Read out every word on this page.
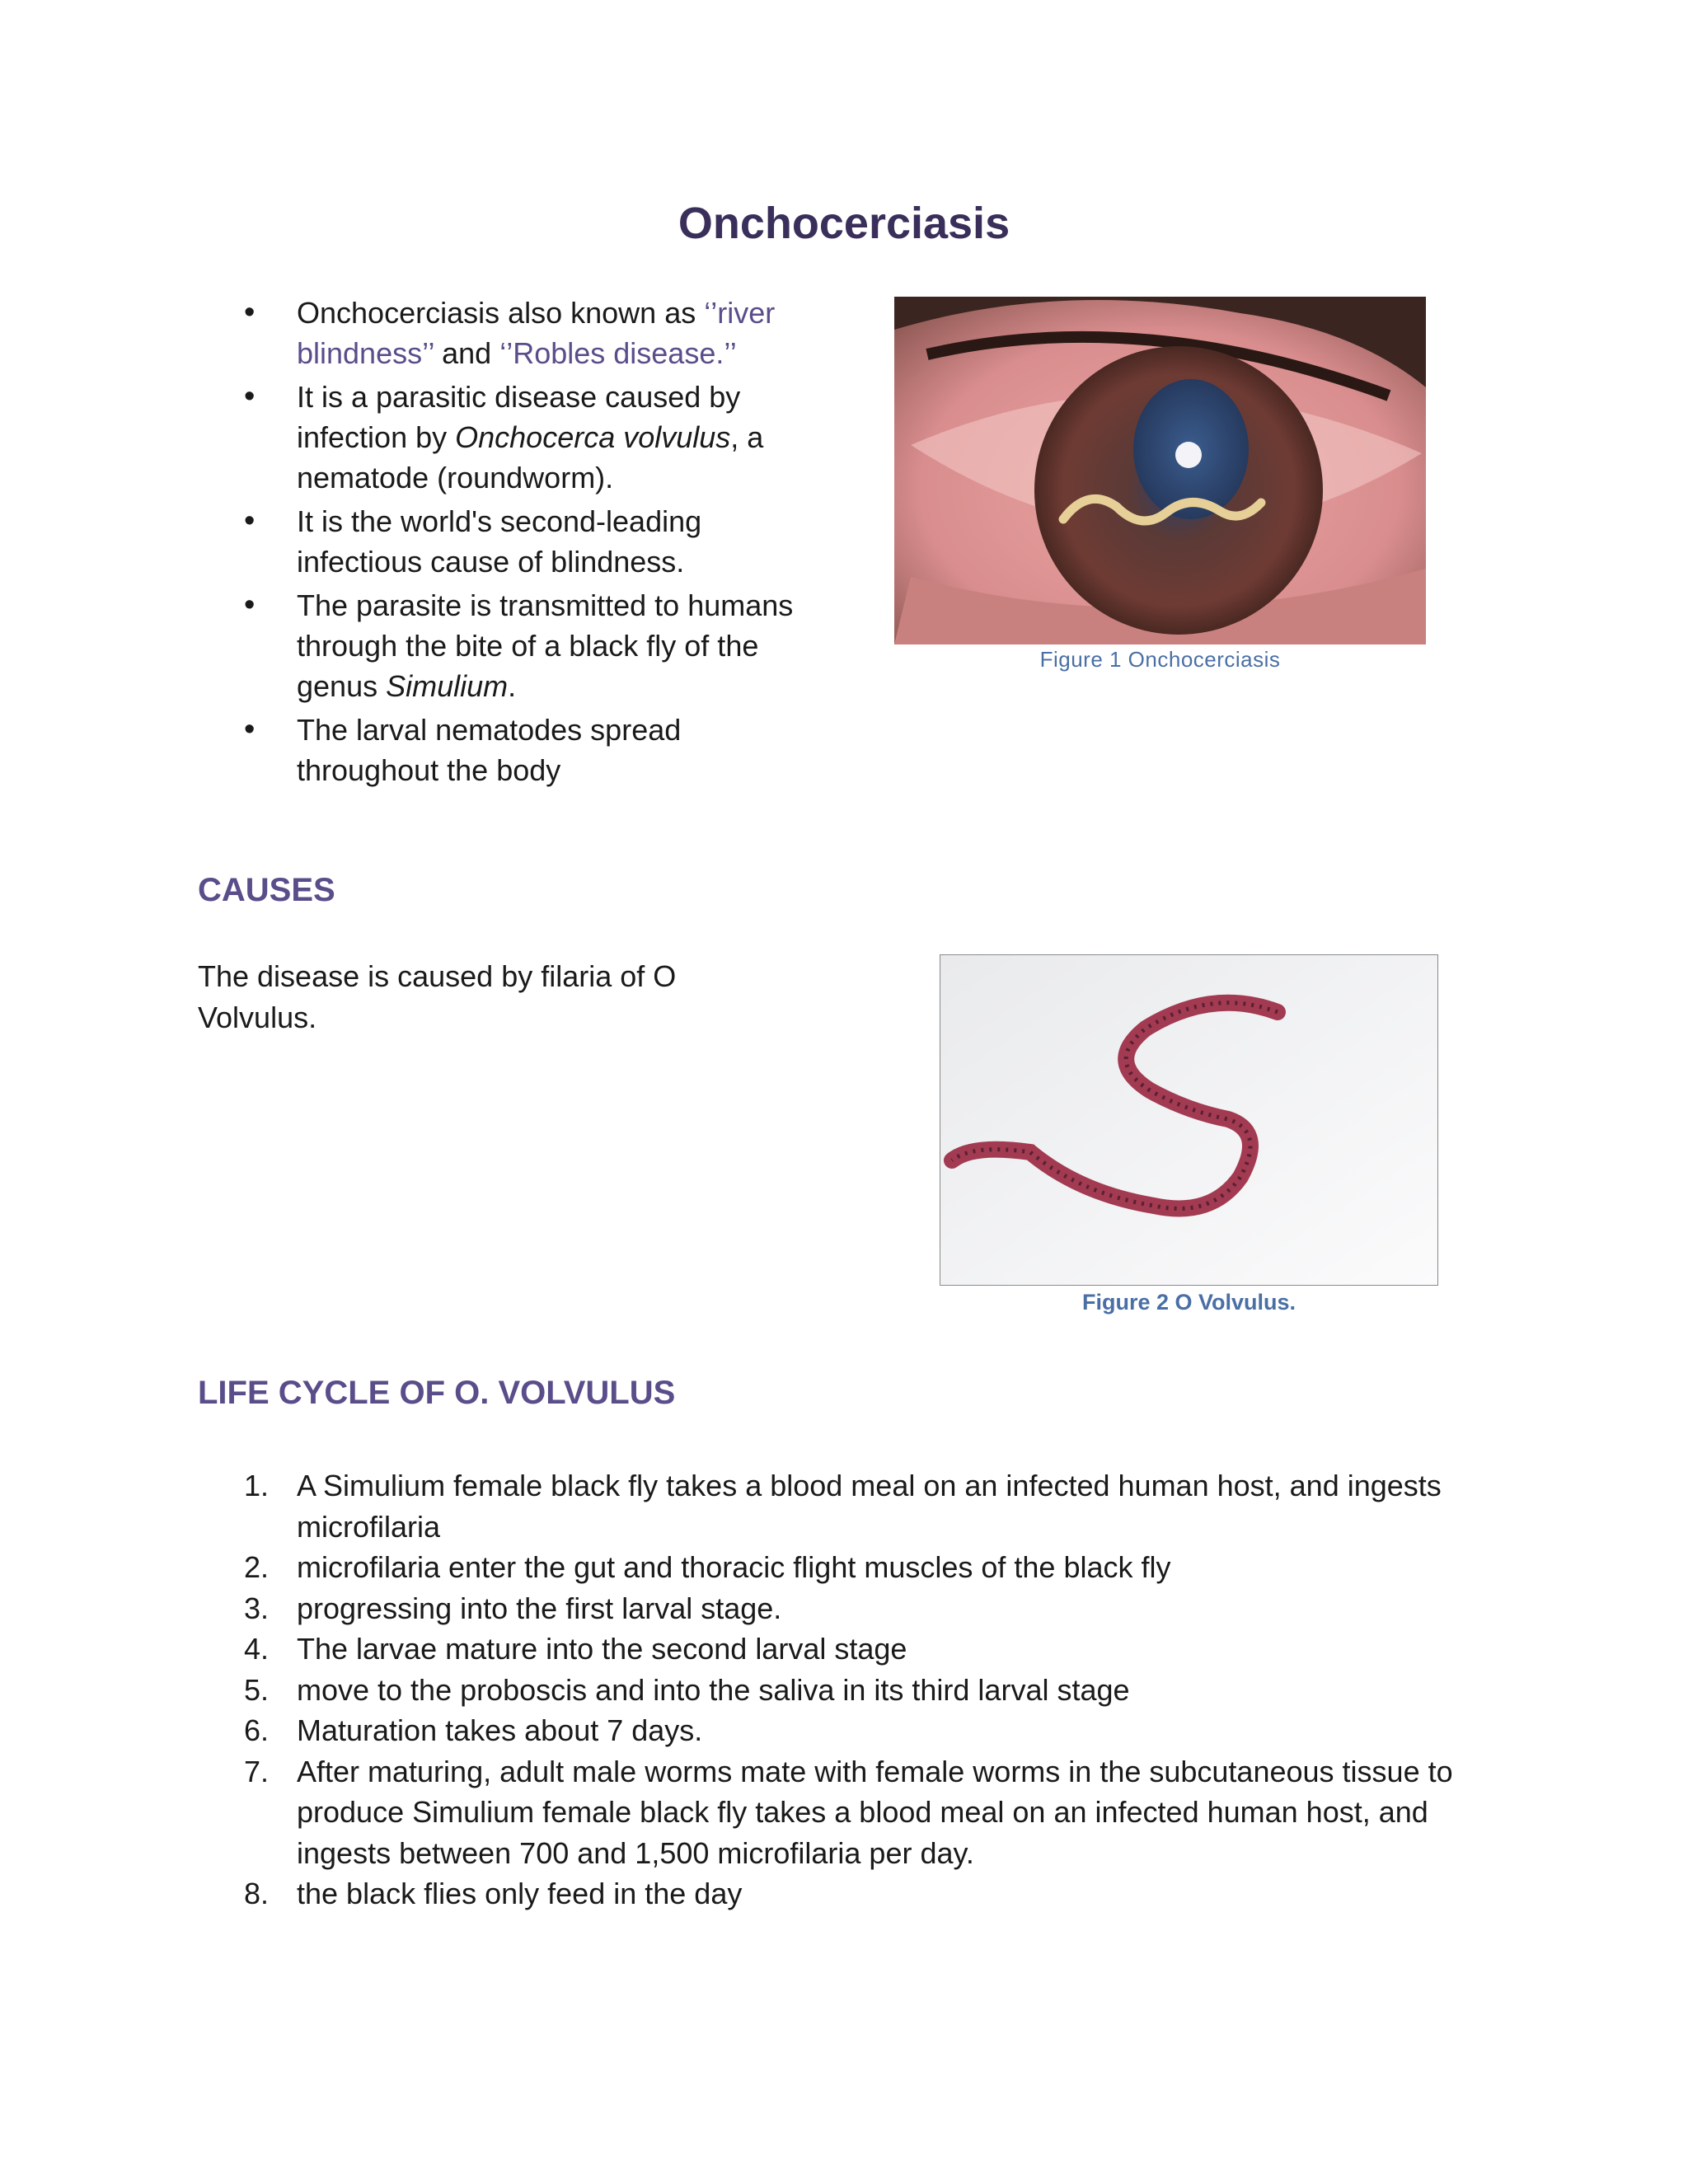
Onchocerciasis
• Onchocerciasis also known as ‘’river blindness’’ and ‘’Robles disease.’’
• It is a parasitic disease caused by infection by Onchocerca volvulus, a nematode (roundworm).
• It is the world's second-leading infectious cause of blindness.
• The parasite is transmitted to humans through the bite of a black fly of the genus Simulium.
• The larval nematodes spread throughout the body
Figure 1 Onchocerciasis
CAUSES

The disease is caused by filaria of O Volvulus.

Figure 2 O Volvulus.
LIFE CYCLE OF O. VOLVULUS
1. A Simulium female black fly takes a blood meal on an infected human host, and ingests microfilaria
2. microfilaria enter the gut and thoracic flight muscles of the black fly
3. progressing into the first larval stage.
4. The larvae mature into the second larval stage
5. move to the proboscis and into the saliva in its third larval stage
6. Maturation takes about 7 days.
7. After maturing, adult male worms mate with female worms in the subcutaneous tissue to produce Simulium female black fly takes a blood meal on an infected human host, and ingests between 700 and 1,500 microfilaria per day.
8. the black flies only feed in the day
